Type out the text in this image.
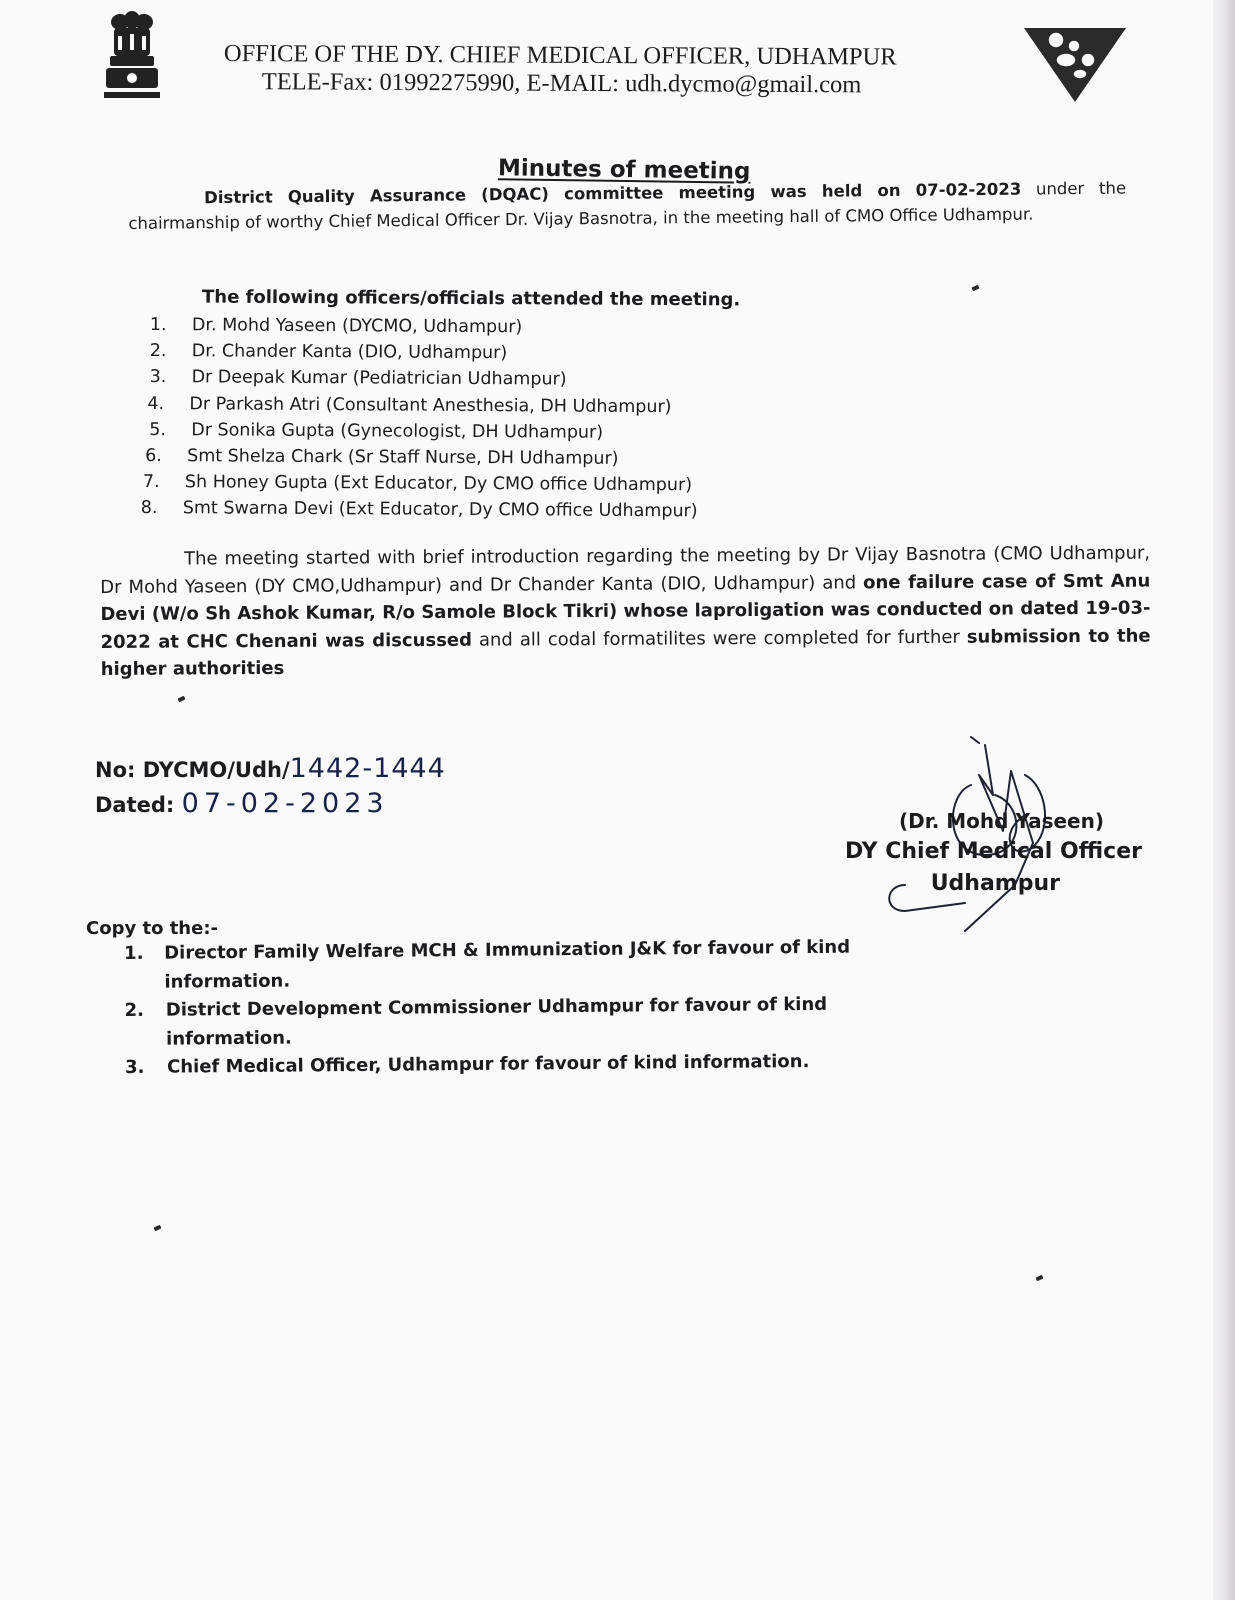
OFFICE OF THE DY. CHIEF MEDICAL OFFICER, UDHAMPUR
TELE-Fax: 01992275990, E-MAIL: udh.dycmo@gmail.com
Minutes of meeting
District Quality Assurance (DQAC) committee meeting was held on 07-02-2023 under the chairmanship of worthy Chief Medical Officer Dr. Vijay Basnotra, in the meeting hall of CMO Office Udhampur.
The following officers/officials attended the meeting.
1.	Dr. Mohd Yaseen (DYCMO, Udhampur)
2.	Dr. Chander Kanta (DIO, Udhampur)
3.	Dr Deepak Kumar (Pediatrician Udhampur)
4.	Dr Parkash Atri (Consultant Anesthesia, DH Udhampur)
5.	Dr Sonika Gupta (Gynecologist, DH Udhampur)
6.	Smt Shelza Chark (Sr Staff Nurse, DH Udhampur)
7.	Sh Honey Gupta (Ext Educator, Dy CMO office Udhampur)
8.	Smt Swarna Devi (Ext Educator, Dy CMO office Udhampur)
The meeting started with brief introduction regarding the meeting by Dr Vijay Basnotra (CMO Udhampur, Dr Mohd Yaseen (DY CMO,Udhampur) and Dr Chander Kanta (DIO, Udhampur) and one failure case of Smt Anu Devi (W/o Sh Ashok Kumar, R/o Samole Block Tikri) whose laproligation was conducted on dated 19-03-2022 at CHC Chenani was discussed and all codal formatilites were completed for further submission to the higher authorities
No: DYCMO/Udh/1442-1444
Dated: 07-02-2023
(Dr. Mohd Yaseen)
DY Chief Medical Officer
Udhampur
Copy to the:-
1.	Director Family Welfare MCH & Immunization J&K for favour of kind information.
2.	District Development Commissioner Udhampur for favour of kind information.
3.	Chief Medical Officer, Udhampur for favour of kind information.
